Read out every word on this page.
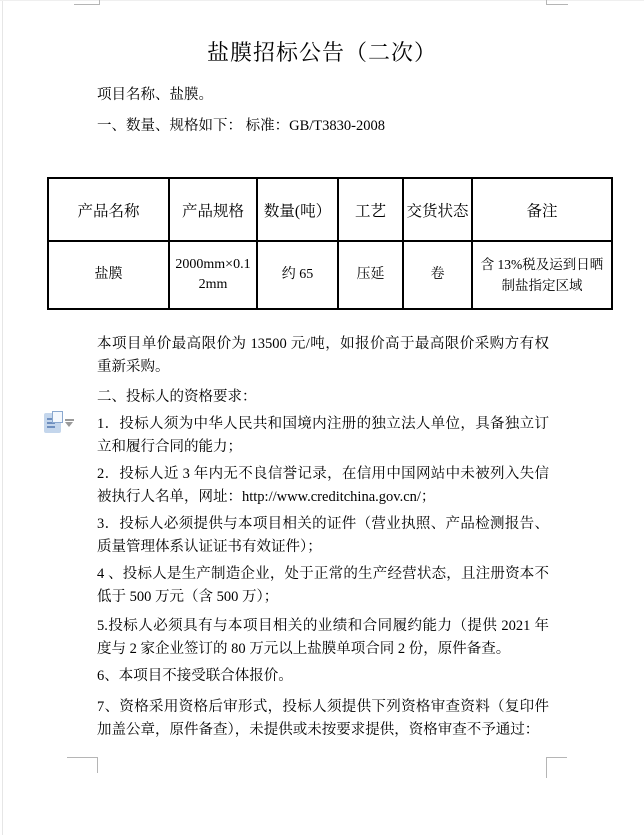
盐膜招标公告（二次）
项目名称、盐膜。
一、数量、规格如下： 标准：GB/T3830-2008
产品名称	产品规格	数量(吨）	工艺	交货状态	备注
盐膜	2000mm×0.12mm	约 65	压延	卷	含 13%税及运到日晒制盐指定区域
本项目单价最高限价为 13500 元/吨，如报价高于最高限价采购方有权重新采购。
二、投标人的资格要求：
1．投标人须为中华人民共和国境内注册的独立法人单位，具备独立订立和履行合同的能力；
2．投标人近 3 年内无不良信誉记录，在信用中国网站中未被列入失信被执行人名单，网址：http://www.creditchina.gov.cn/；
3．投标人必须提供与本项目相关的证件（营业执照、产品检测报告、质量管理体系认证证书有效证件）；
4 、投标人是生产制造企业，处于正常的生产经营状态，且注册资本不低于 500 万元（含 500 万）；
5.投标人必须具有与本项目相关的业绩和合同履约能力（提供 2021 年度与 2 家企业签订的 80 万元以上盐膜单项合同 2 份，原件备查。
6、本项目不接受联合体报价。
7、资格采用资格后审形式，投标人须提供下列资格审查资料（复印件加盖公章，原件备查），未提供或未按要求提供，资格审查不予通过：
